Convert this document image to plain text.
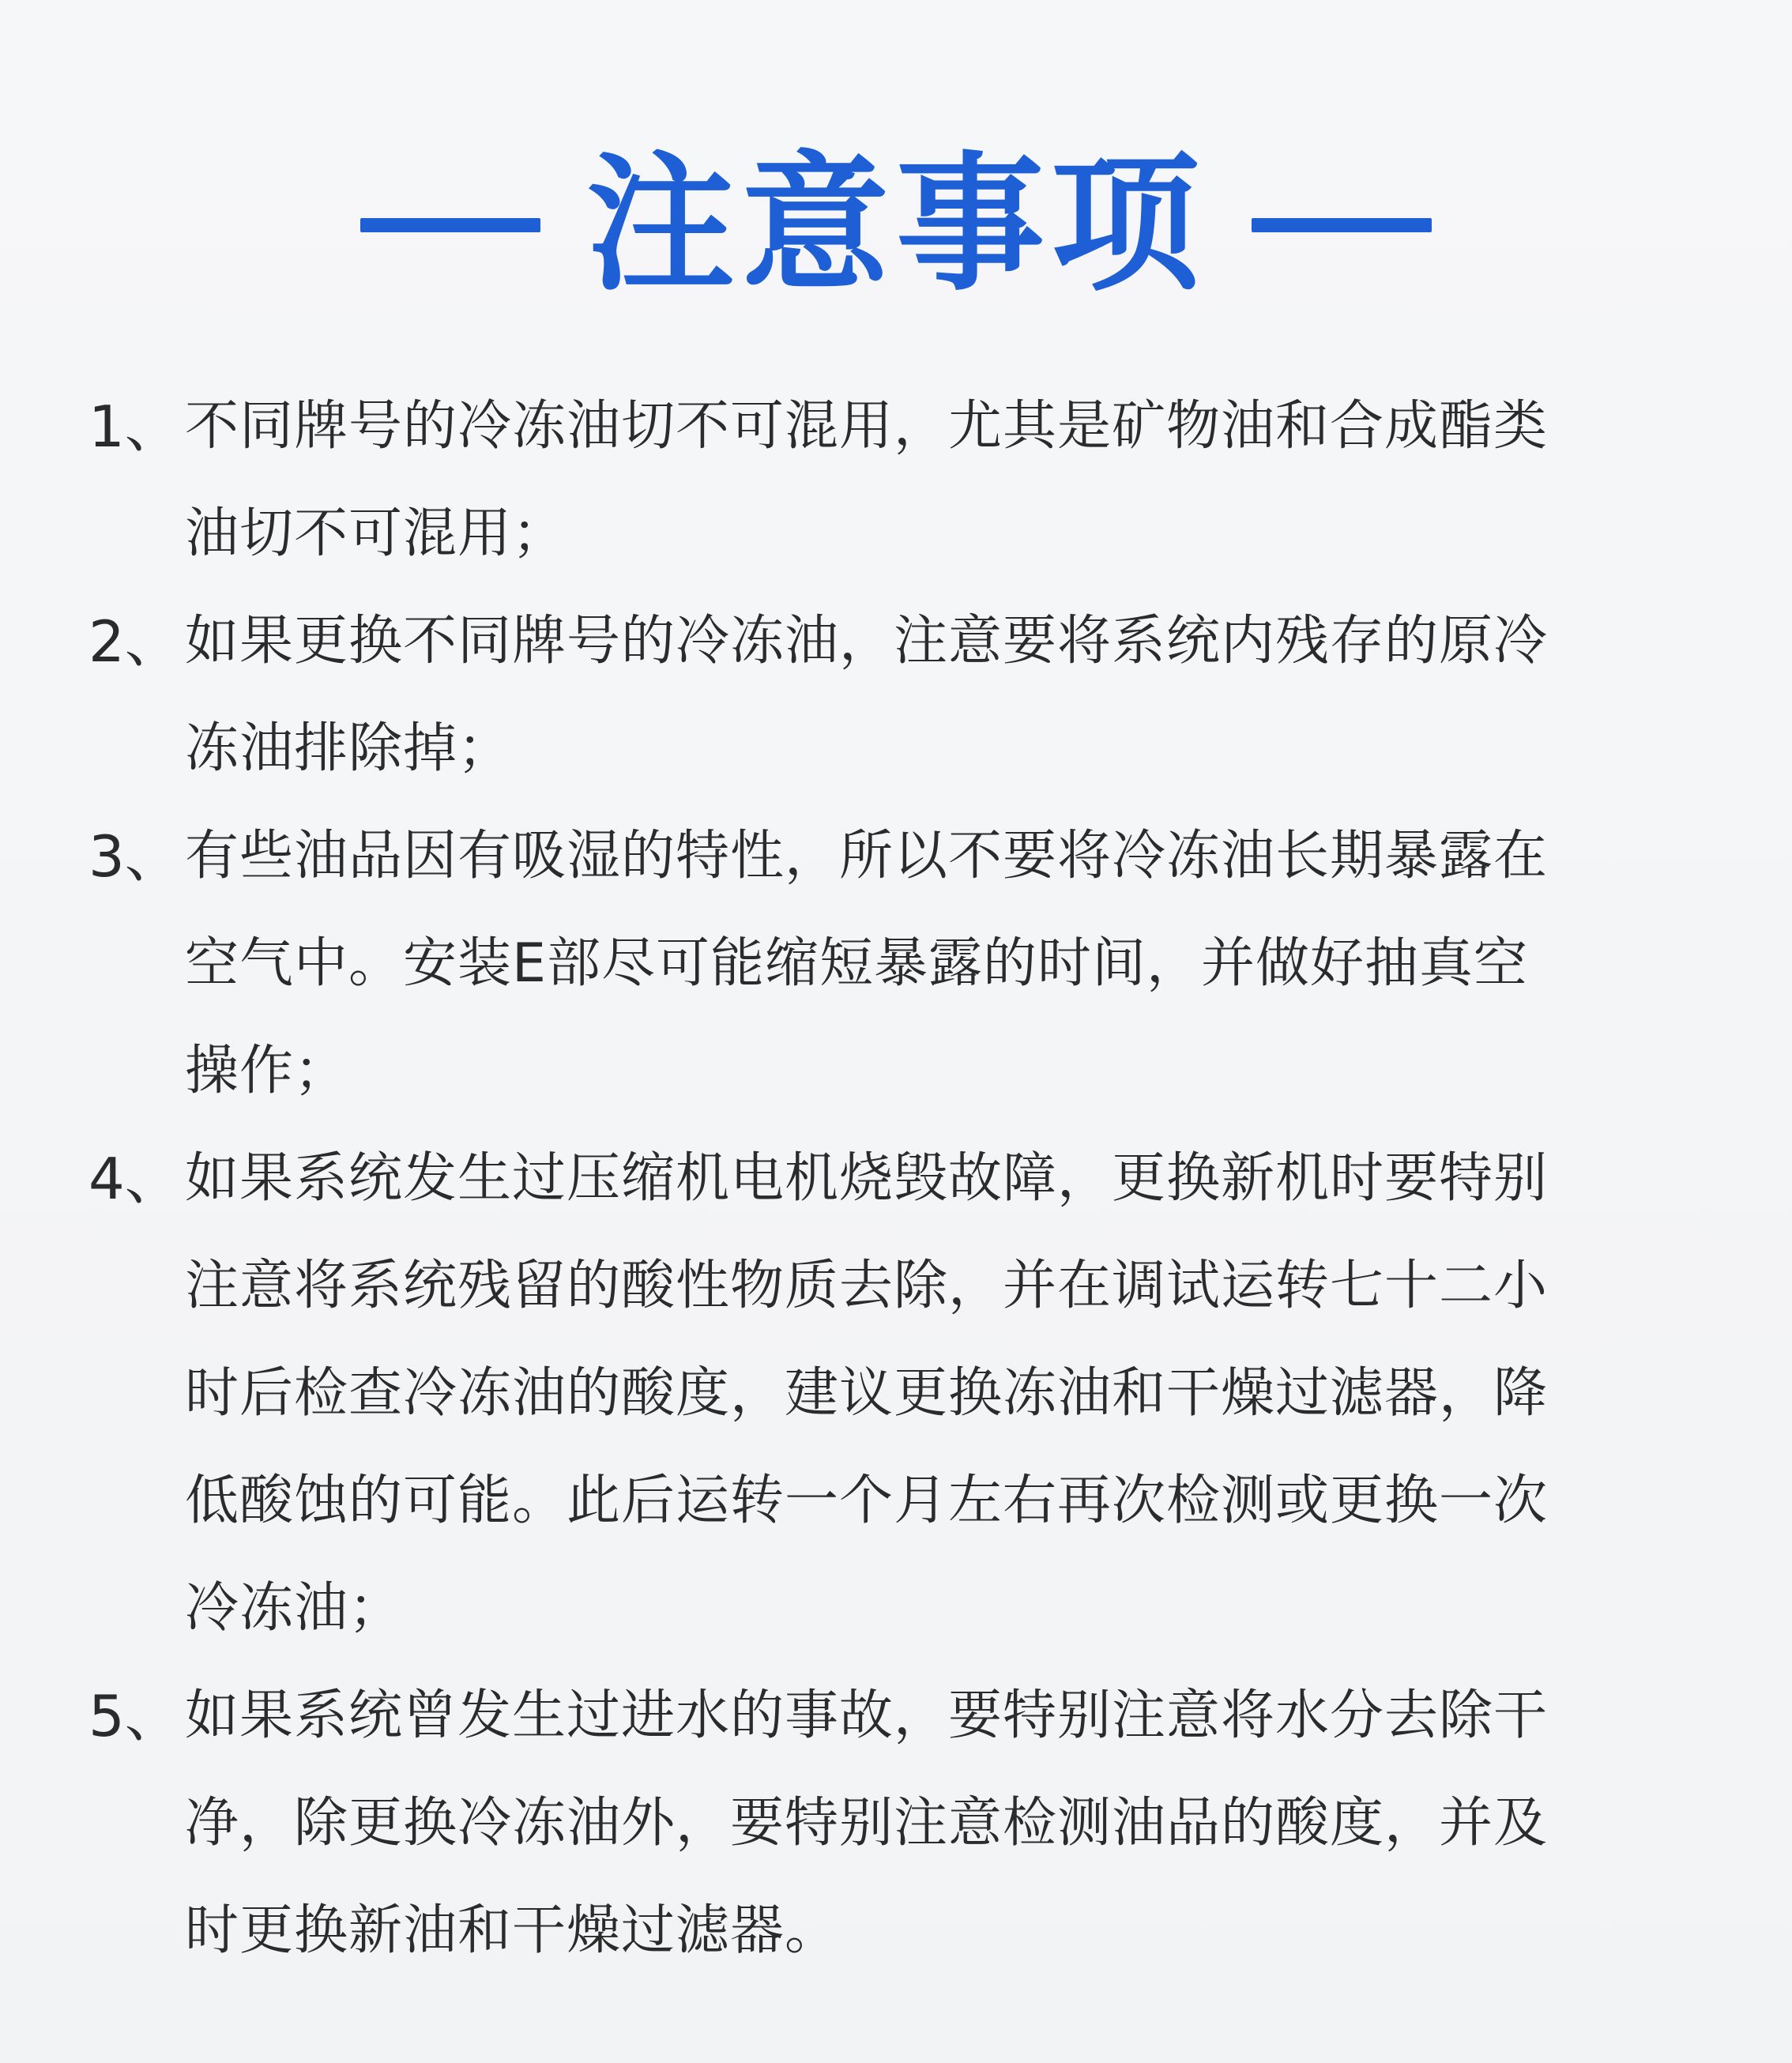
注意事项
1、 不同牌号的冷冻油切不可混用，尤其是矿物油和合成酯类
油切不可混用；
2、 如果更换不同牌号的冷冻油，注意要将系统内残存的原冷
冻油排除掉；
3、 有些油品因有吸湿的特性，所以不要将冷冻油长期暴露在
空气中。安装E部尽可能缩短暴露的时间，并做好抽真空
操作；
4、 如果系统发生过压缩机电机烧毁故障，更换新机时要特别
注意将系统残留的酸性物质去除，并在调试运转七十二小
时后检查冷冻油的酸度，建议更换冻油和干燥过滤器，降
低酸蚀的可能。此后运转一个月左右再次检测或更换一次
冷冻油；
5、 如果系统曾发生过进水的事故，要特别注意将水分去除干
净，除更换冷冻油外，要特别注意检测油品的酸度，并及
时更换新油和干燥过滤器。
